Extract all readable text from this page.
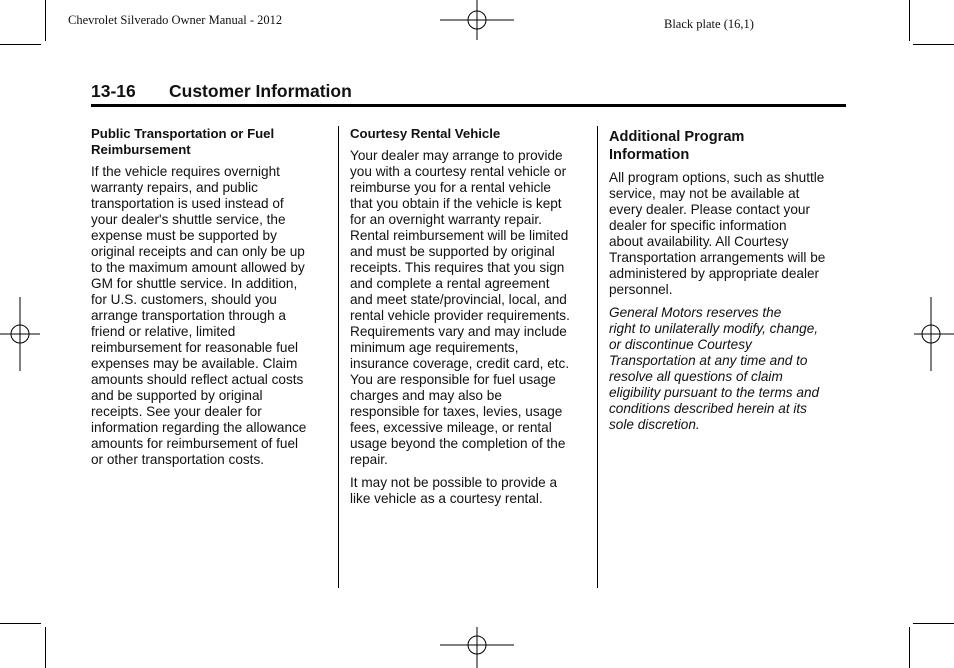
Chevrolet Silverado Owner Manual - 2012	Black plate (16,1)
13-16 Customer Information
Public Transportation or Fuel Reimbursement
If the vehicle requires overnight
warranty repairs, and public
transportation is used instead of
your dealer's shuttle service, the
expense must be supported by
original receipts and can only be up
to the maximum amount allowed by
GM for shuttle service. In addition,
for U.S. customers, should you
arrange transportation through a
friend or relative, limited
reimbursement for reasonable fuel
expenses may be available. Claim
amounts should reflect actual costs
and be supported by original
receipts. See your dealer for
information regarding the allowance
amounts for reimbursement of fuel
or other transportation costs.
Courtesy Rental Vehicle

Your dealer may arrange to provide
you with a courtesy rental vehicle or
reimburse you for a rental vehicle
that you obtain if the vehicle is kept
for an overnight warranty repair.
Rental reimbursement will be limited
and must be supported by original
receipts. This requires that you sign
and complete a rental agreement
and meet state/provincial, local, and
rental vehicle provider requirements.
Requirements vary and may include
minimum age requirements,
insurance coverage, credit card, etc.
You are responsible for fuel usage
charges and may also be
responsible for taxes, levies, usage
fees, excessive mileage, or rental
usage beyond the completion of the
repair.

It may not be possible to provide a
like vehicle as a courtesy rental.

Additional Program
Information

All program options, such as shuttle
service, may not be available at
every dealer. Please contact your
dealer for specific information
about availability. All Courtesy
Transportation arrangements will be
administered by appropriate dealer
personnel.

General Motors reserves the
right to unilaterally modify, change,
or discontinue Courtesy
Transportation at any time and to
resolve all questions of claim
eligibility pursuant to the terms and
conditions described herein at its
sole discretion.
